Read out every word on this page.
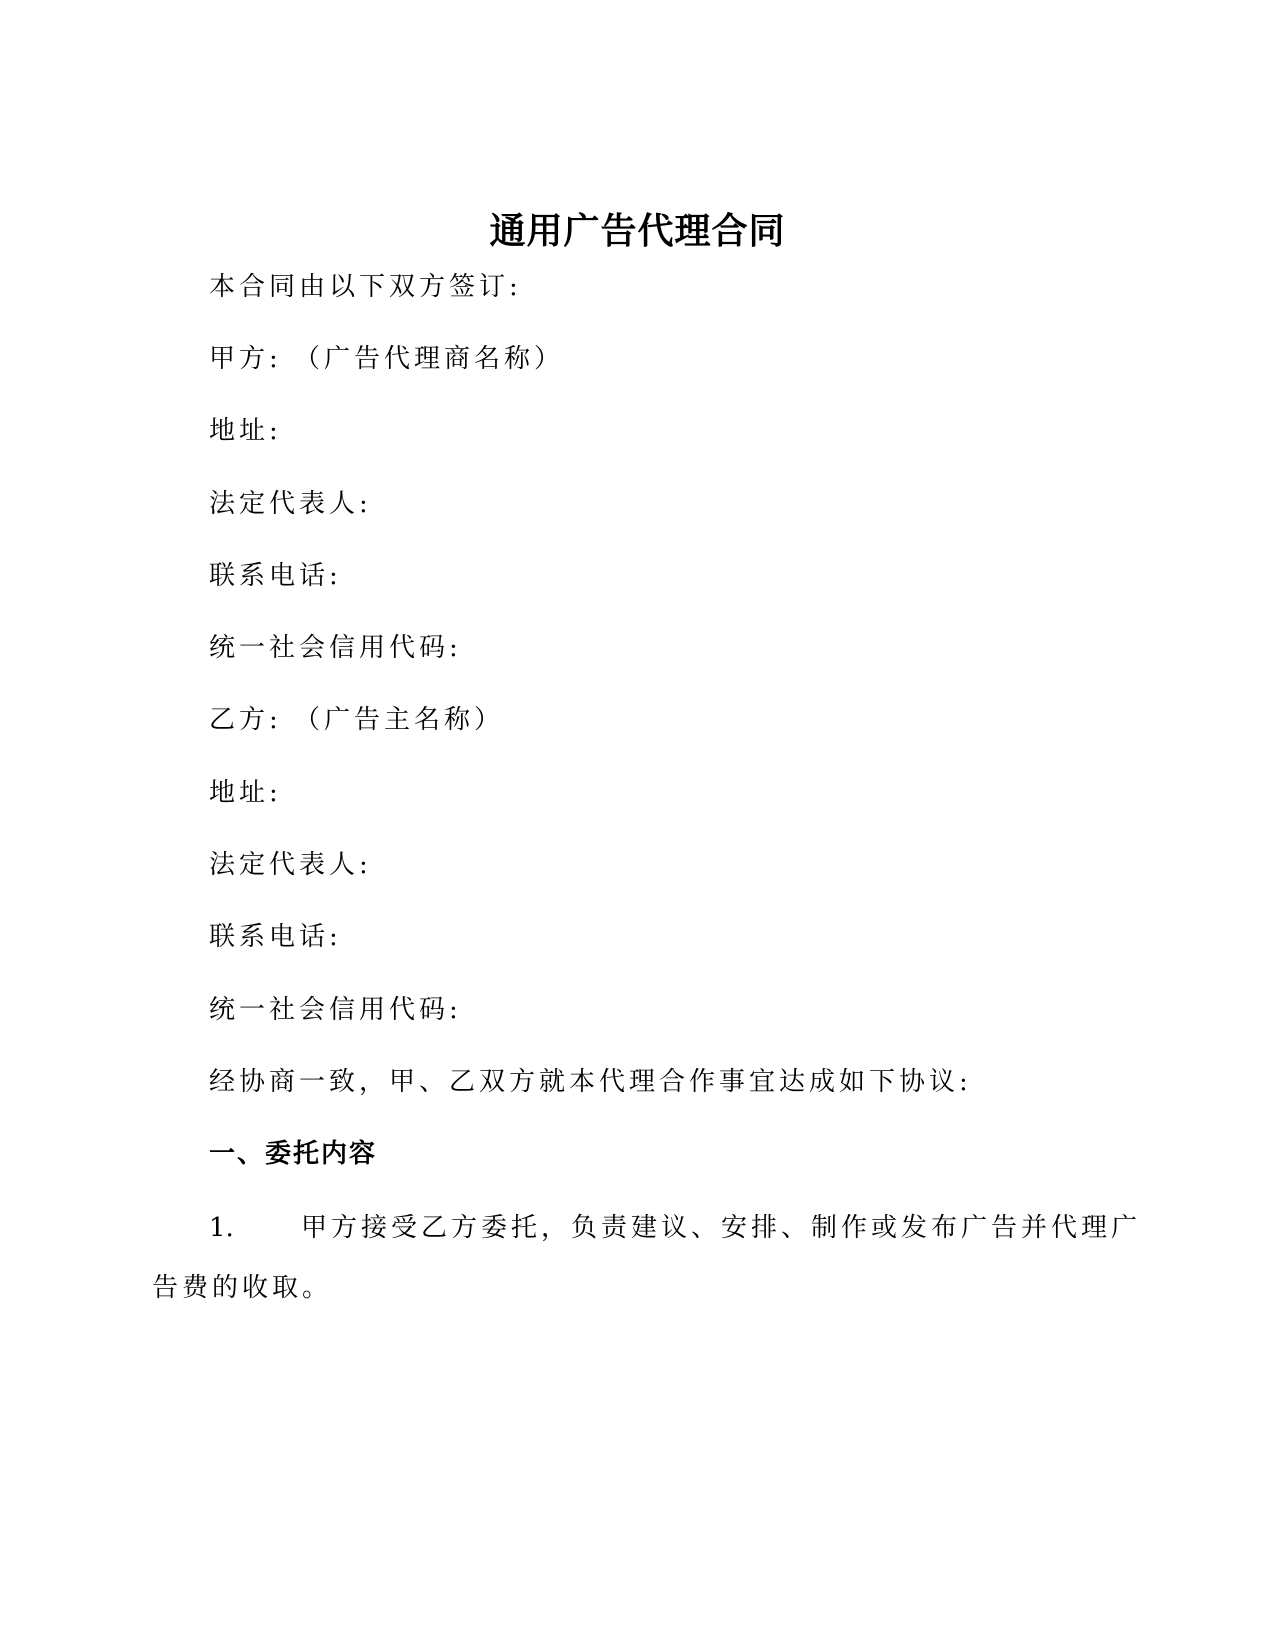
通用广告代理合同

本合同由以下双方签订:

甲方: （广告代理商名称）

地址:

法定代表人:

联系电话:

统一社会信用代码:

乙方: （广告主名称）

地址:

法定代表人:

联系电话:

统一社会信用代码:

经协商一致，甲、乙双方就本代理合作事宜达成如下协议:

一、委托内容
1.	甲方接受乙方委托，负责建议、安排、制作或发布广告并代理广
告费的收取。
